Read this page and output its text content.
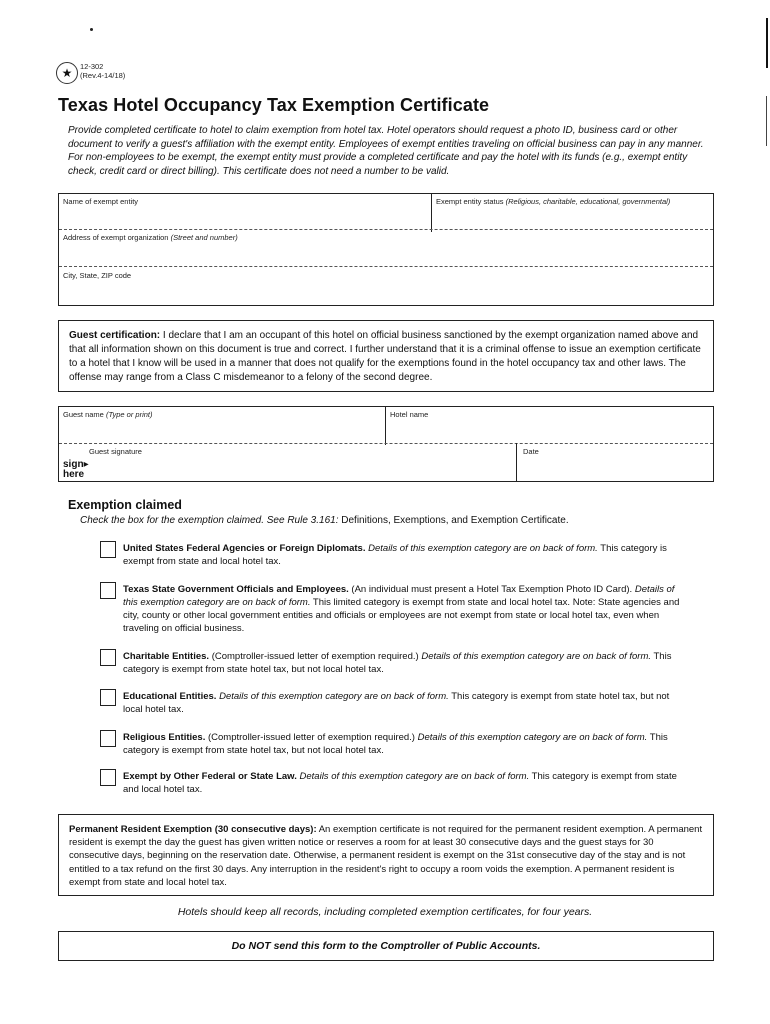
★	12-302
(Rev.4-14/18)
Texas Hotel Occupancy Tax Exemption Certificate
Provide completed certificate to hotel to claim exemption from hotel tax. Hotel operators should request a photo ID, business card or other document to verify a guest's affiliation with the exempt entity. Employees of exempt entities traveling on official business can pay in any manner. For non-employees to be exempt, the exempt entity must provide a completed certificate and pay the hotel with its funds (e.g., exempt entity check, credit card or direct billing). This certificate does not need a number to be valid.
Name of exempt entity	Exempt entity status (Religious, charitable, educational, governmental)
Address of exempt organization (Street and number)
City, State, ZIP code
Guest certification: I declare that I am an occupant of this hotel on official business sanctioned by the exempt organization named above and that all information shown on this document is true and correct. I further understand that it is a criminal offense to issue an exemption certificate to a hotel that I know will be used in a manner that does not qualify for the exemptions found in the hotel occupancy tax and other laws. The offense may range from a Class C misdemeanor to a felony of the second degree.
Guest name (Type or print)	Hotel name
Guest signature
sign▸
here
Date
Exemption claimed
Check the box for the exemption claimed. See Rule 3.161: Definitions, Exemptions, and Exemption Certificate.
United States Federal Agencies or Foreign Diplomats. Details of this exemption category are on back of form. This category is exempt from state and local hotel tax.
Texas State Government Officials and Employees. (An individual must present a Hotel Tax Exemption Photo ID Card). Details of this exemption category are on back of form. This limited category is exempt from state and local hotel tax. Note: State agencies and city, county or other local government entities and officials or employees are not exempt from state or local hotel tax, even when traveling on official business.
Charitable Entities. (Comptroller-issued letter of exemption required.) Details of this exemption category are on back of form. This category is exempt from state hotel tax, but not local hotel tax.
Educational Entities. Details of this exemption category are on back of form. This category is exempt from state hotel tax, but not local hotel tax.
Religious Entities. (Comptroller-issued letter of exemption required.) Details of this exemption category are on back of form. This category is exempt from state hotel tax, but not local hotel tax.
Exempt by Other Federal or State Law. Details of this exemption category are on back of form. This category is exempt from state and local hotel tax.
Permanent Resident Exemption (30 consecutive days): An exemption certificate is not required for the permanent resident exemption. A permanent resident is exempt the day the guest has given written notice or reserves a room for at least 30 consecutive days and the guest stays for 30 consecutive days, beginning on the reservation date. Otherwise, a permanent resident is exempt on the 31st consecutive day of the stay and is not entitled to a tax refund on the first 30 days. Any interruption in the resident's right to occupy a room voids the exemption. A permanent resident is exempt from state and local hotel tax.
Hotels should keep all records, including completed exemption certificates, for four years.
Do NOT send this form to the Comptroller of Public Accounts.
